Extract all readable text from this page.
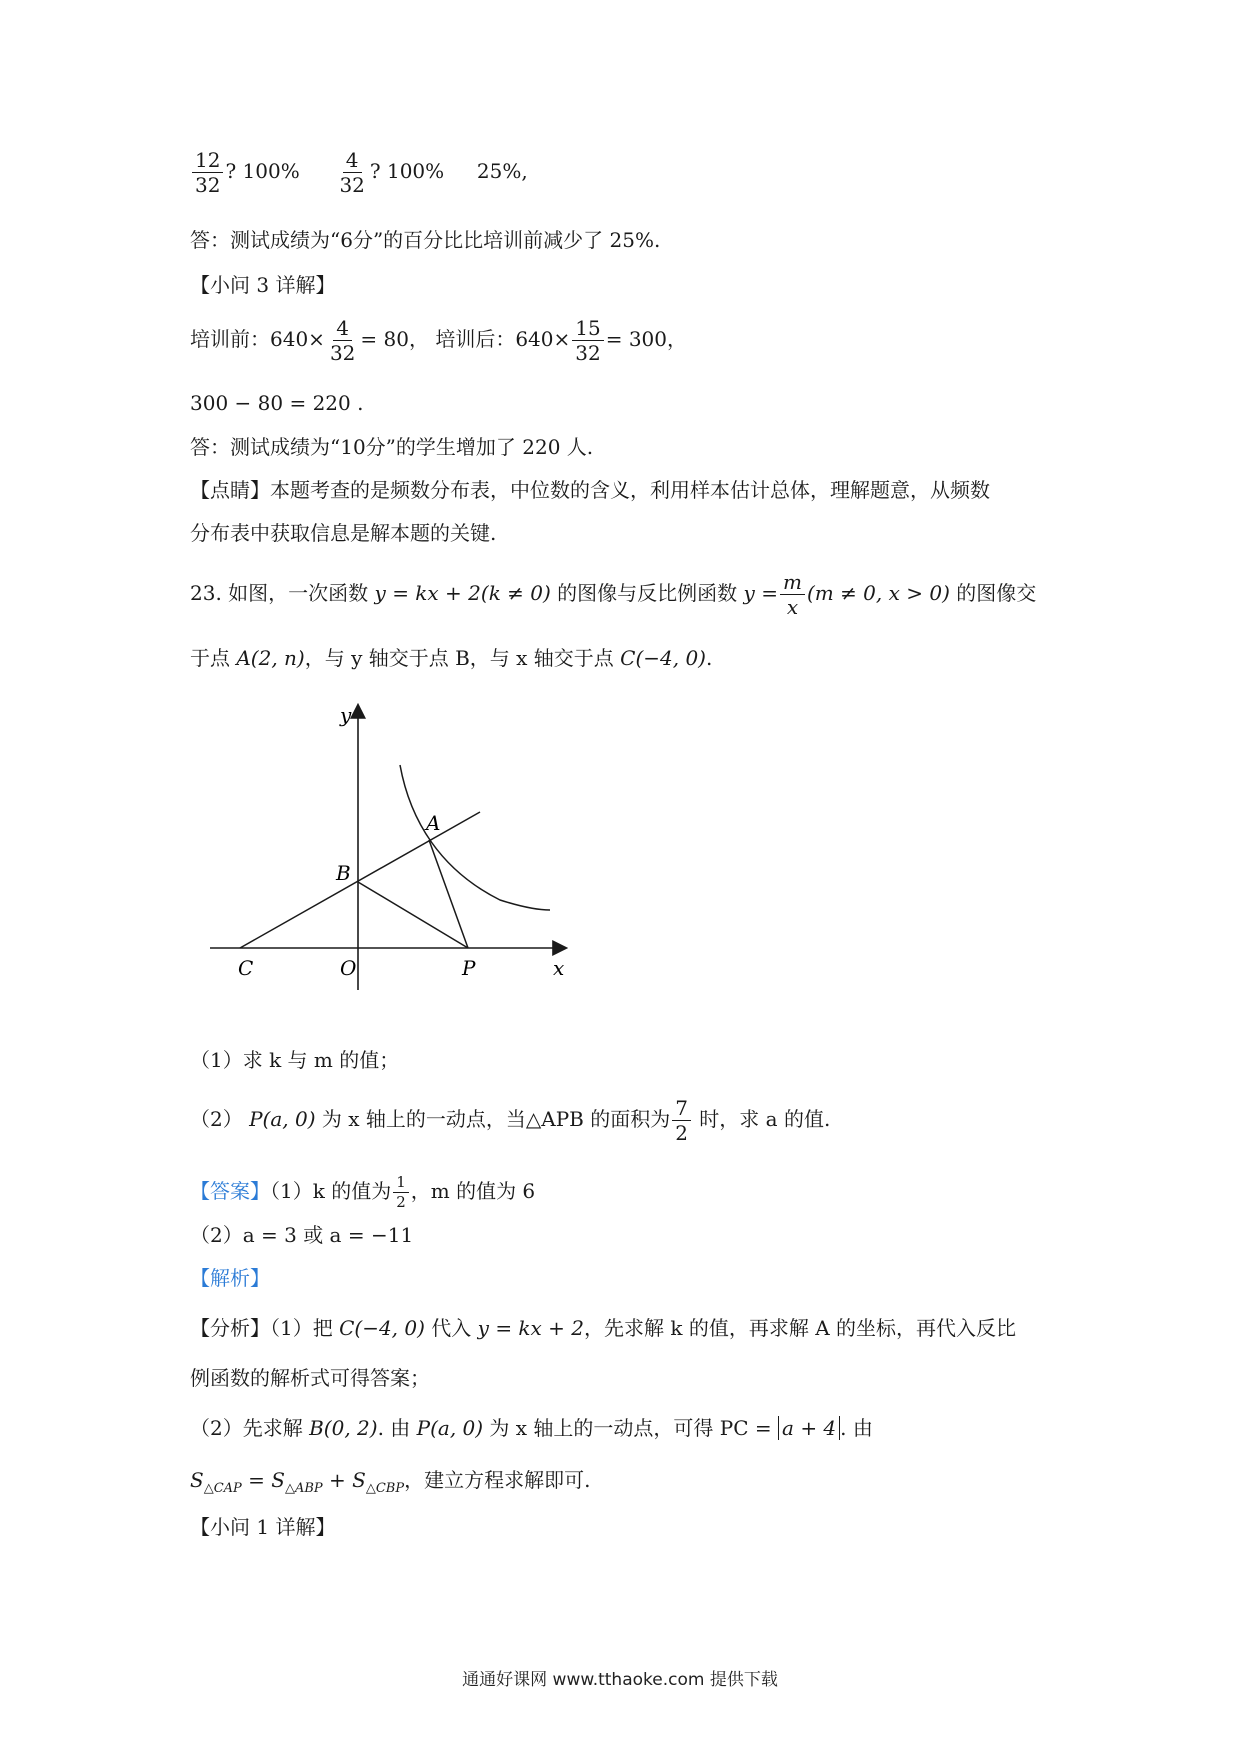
$\frac{12}{32}$ ? $100\% \frac{4}{32}$ ? 100% 25%,
答：测试成绩为“6分”的百分比比培训前减少了 25%.
【小问 3 详解】
培训前：$640\times \frac{4}{32} = 80$， 培训后：$640\times \frac{15}{32} = 300$，
300 − 80 = 220 .
答：测试成绩为“10分”的学生增加了 220 人.
【点睛】本题考查的是频数分布表，中位数的含义，利用样本估计总体，理解题意，从频数
分布表中获取信息是解本题的关键.
23. 如图，一次函数 y = kx + 2(k ≠ 0) 的图像与反比例函数 $y = \frac{m}{x} (m \ne 0$, x > 0) 的图像交
于点 A(2, n)，与 y 轴交于点 B，与 x 轴交于点 C(−4, 0).
y
x
A
B
C	O	P
（1）求 k 与 m 的值；
（2） P(a, 0) 为 x 轴上的一动点，当△APB 的面积为 $\frac{7}{2}$ 时，求 a 的值.
【答案】（1）k 的值为 $\frac{1}{2}$ ，m 的值为 6
（2）a = 3 或 a = −11
【解析】
【分析】（1）把 C(−4, 0) 代入 y = kx + 2，先求解 k 的值，再求解 A 的坐标，再代入反比
例函数的解析式可得答案；
（2）先求解 B(0, 2). 由 P(a, 0) 为 x 轴上的一动点，可得 PC = a + 4 . 由
$S_{\triangle CAP} = S_{\triangle ABP} + S_{\triangle CBP}$，建立方程求解即可.
【小问 1 详解】
通通好课网 www.tthaoke.com 提供下载
